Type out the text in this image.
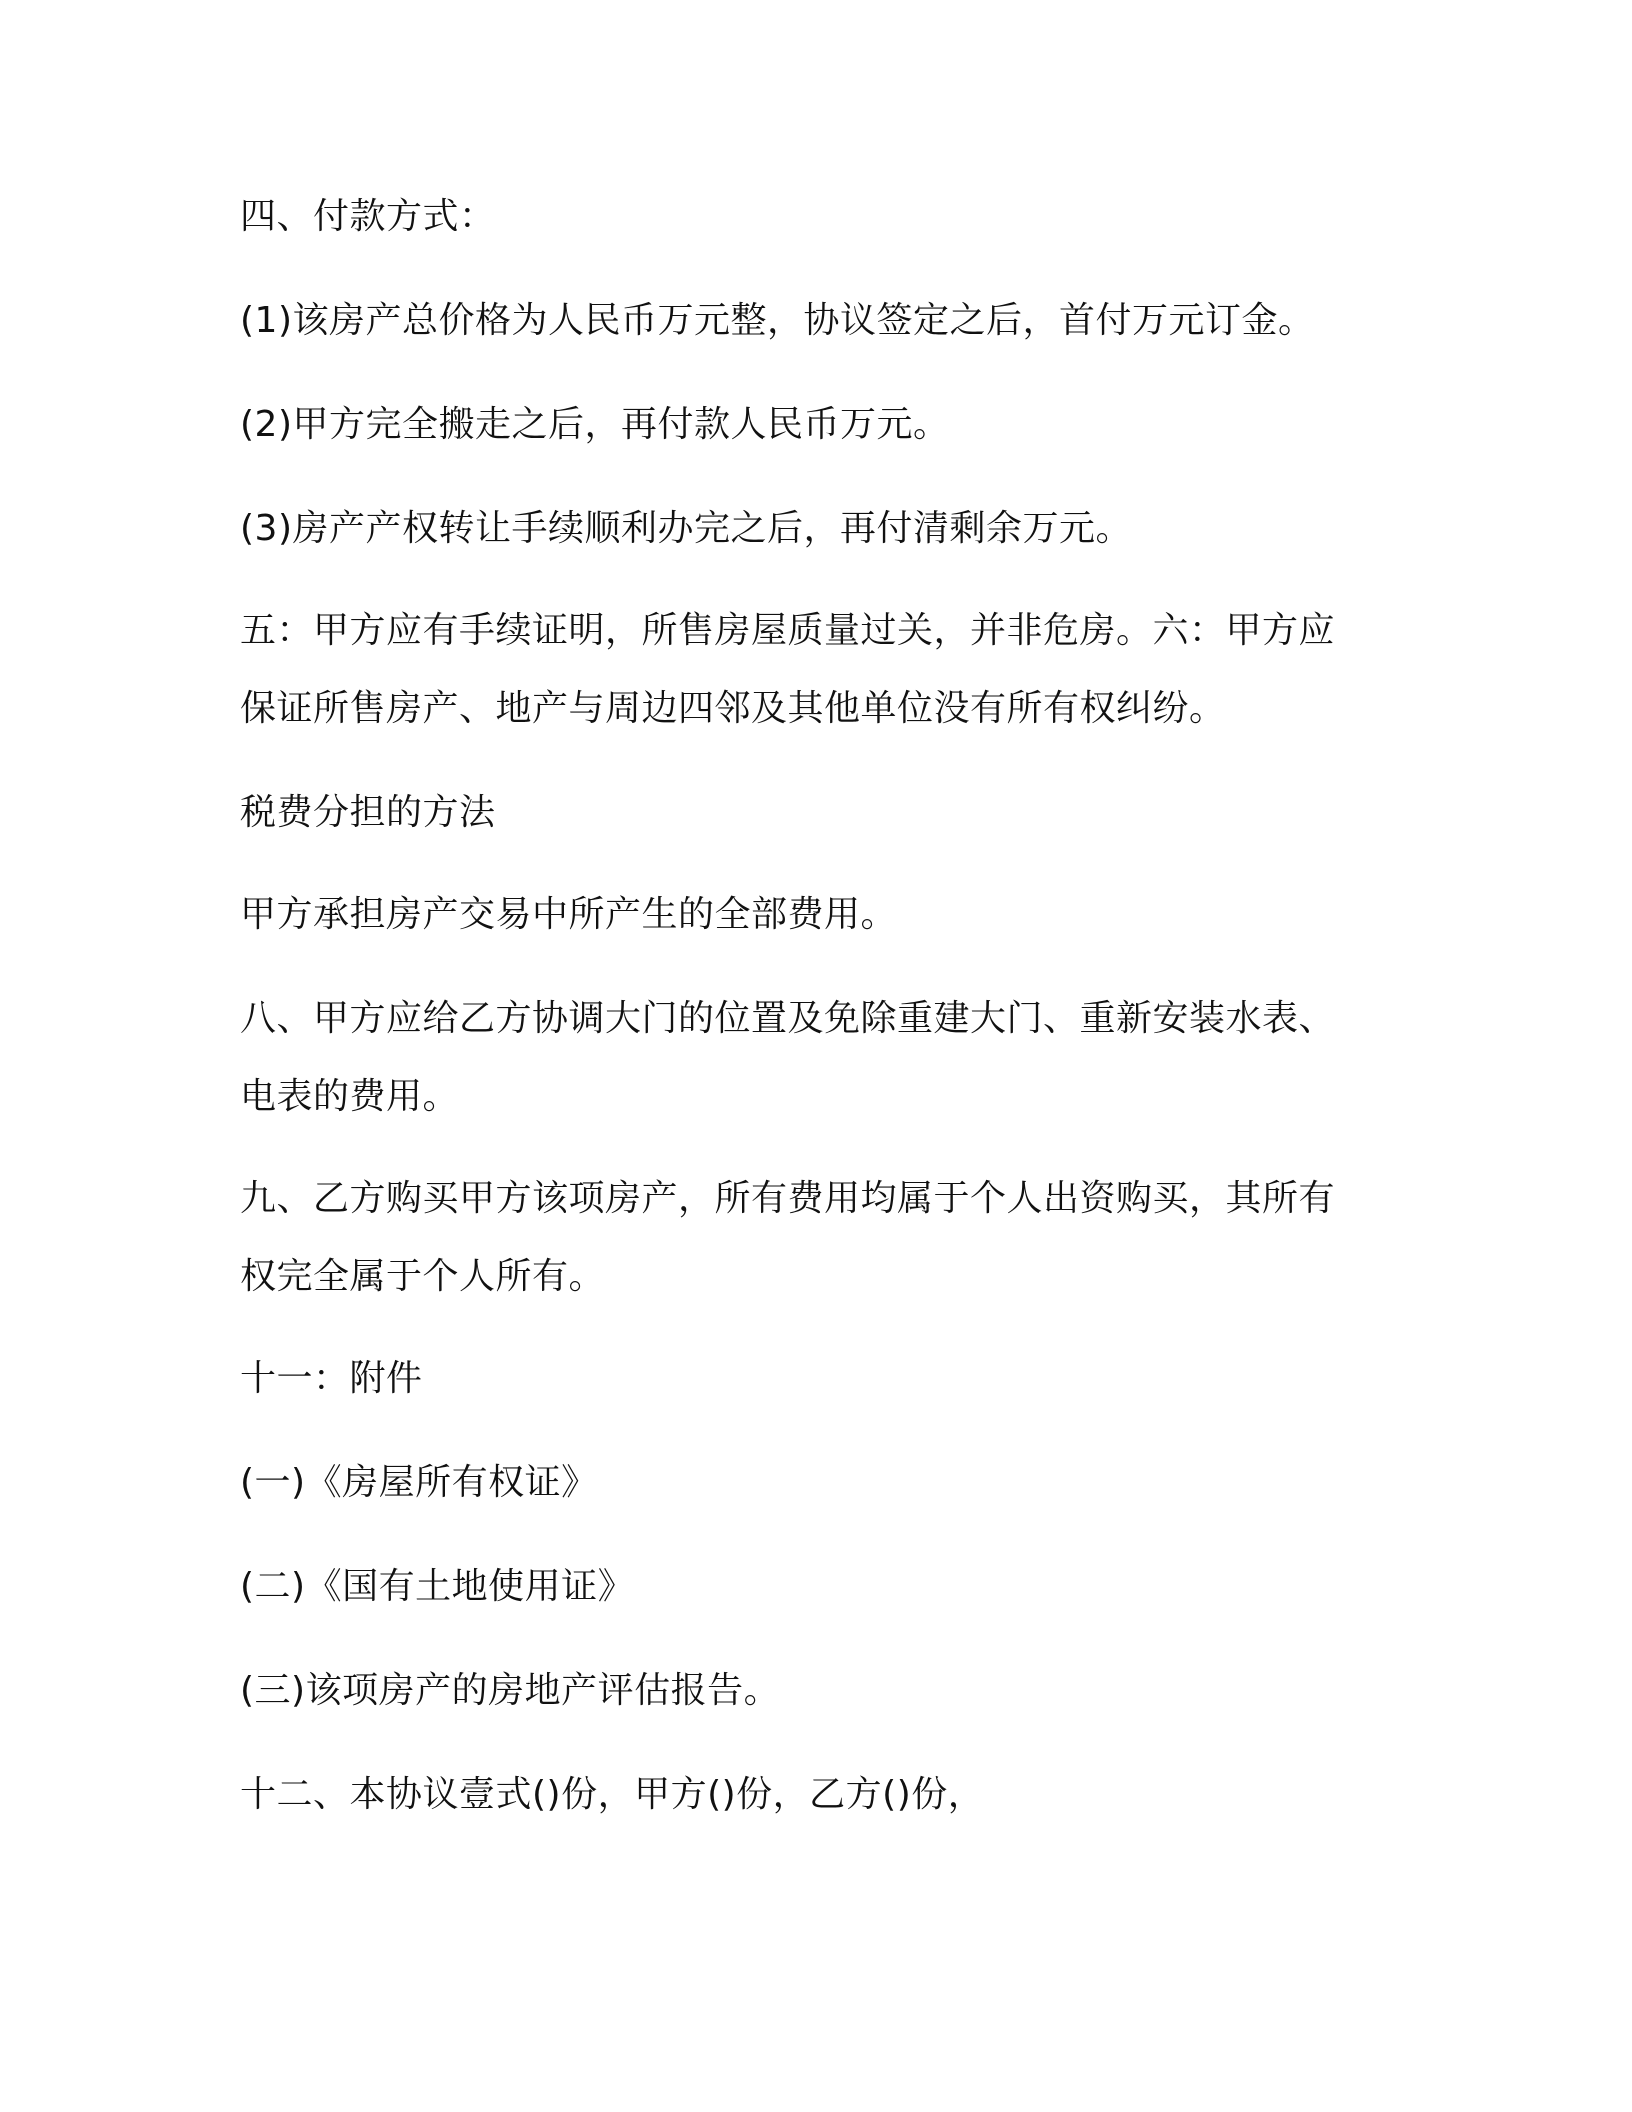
四、付款方式：

(1)该房产总价格为人民币万元整，协议签定之后，首付万元订金。

(2)甲方完全搬走之后，再付款人民币万元。

(3)房产产权转让手续顺利办完之后，再付清剩余万元。

五：甲方应有手续证明，所售房屋质量过关，并非危房。六：甲方应
保证所售房产、地产与周边四邻及其他单位没有所有权纠纷。

税费分担的方法

甲方承担房产交易中所产生的全部费用。

八、甲方应给乙方协调大门的位置及免除重建大门、重新安装水表、
电表的费用。

九、乙方购买甲方该项房产，所有费用均属于个人出资购买，其所有
权完全属于个人所有。

十一：附件

(一)《房屋所有权证》

(二)《国有土地使用证》

(三)该项房产的房地产评估报告。

十二、本协议壹式()份，甲方()份，乙方()份，
